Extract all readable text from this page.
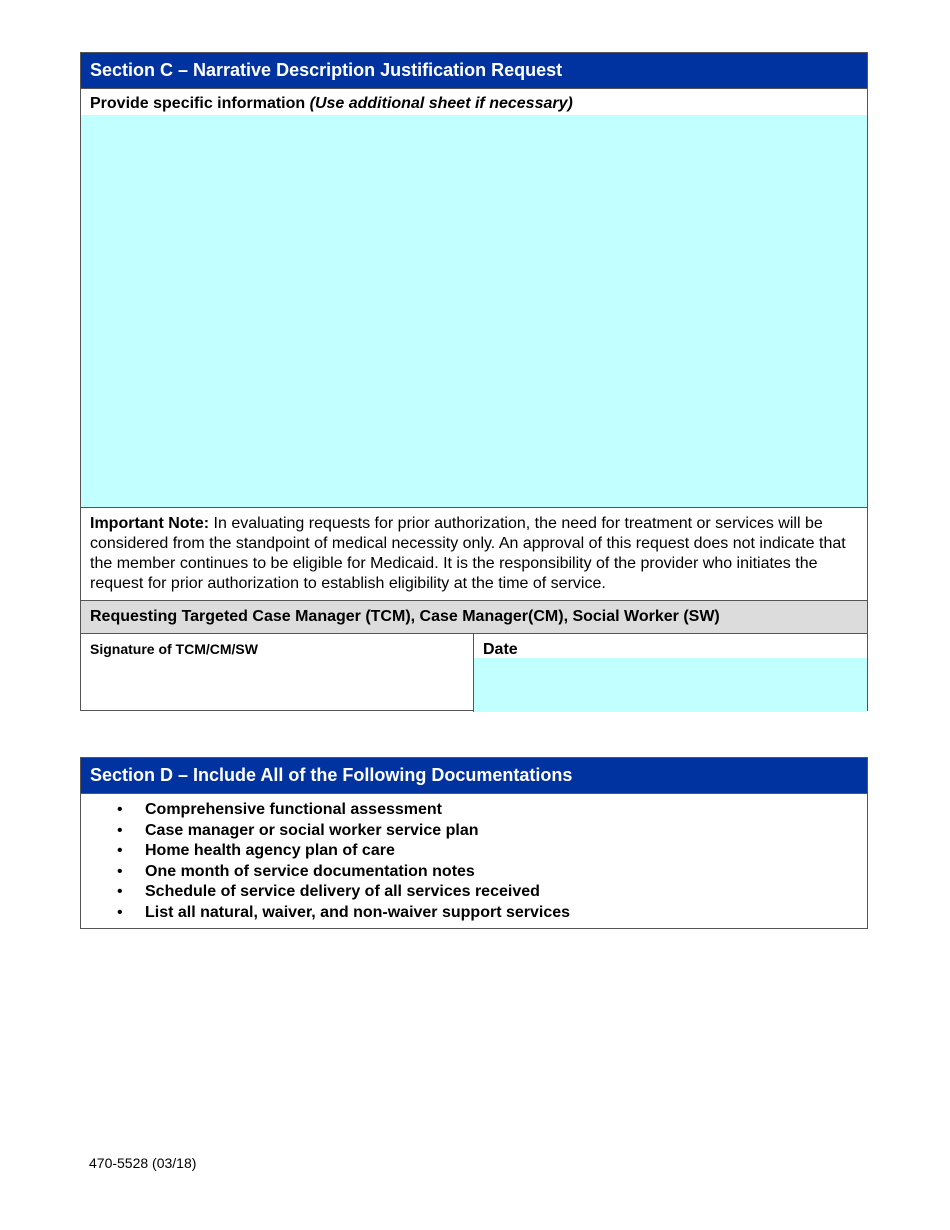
Section C – Narrative Description Justification Request
Provide specific information (Use additional sheet if necessary)
Important Note: In evaluating requests for prior authorization, the need for treatment or services will be considered from the standpoint of medical necessity only. An approval of this request does not indicate that the member continues to be eligible for Medicaid. It is the responsibility of the provider who initiates the request for prior authorization to establish eligibility at the time of service.
Requesting Targeted Case Manager (TCM), Case Manager(CM), Social Worker (SW)
Signature of TCM/CM/SW	Date
Section D – Include All of the Following Documentations
• Comprehensive functional assessment
• Case manager or social worker service plan
• Home health agency plan of care
• One month of service documentation notes
• Schedule of service delivery of all services received
• List all natural, waiver, and non-waiver support services
470-5528 (03/18)
